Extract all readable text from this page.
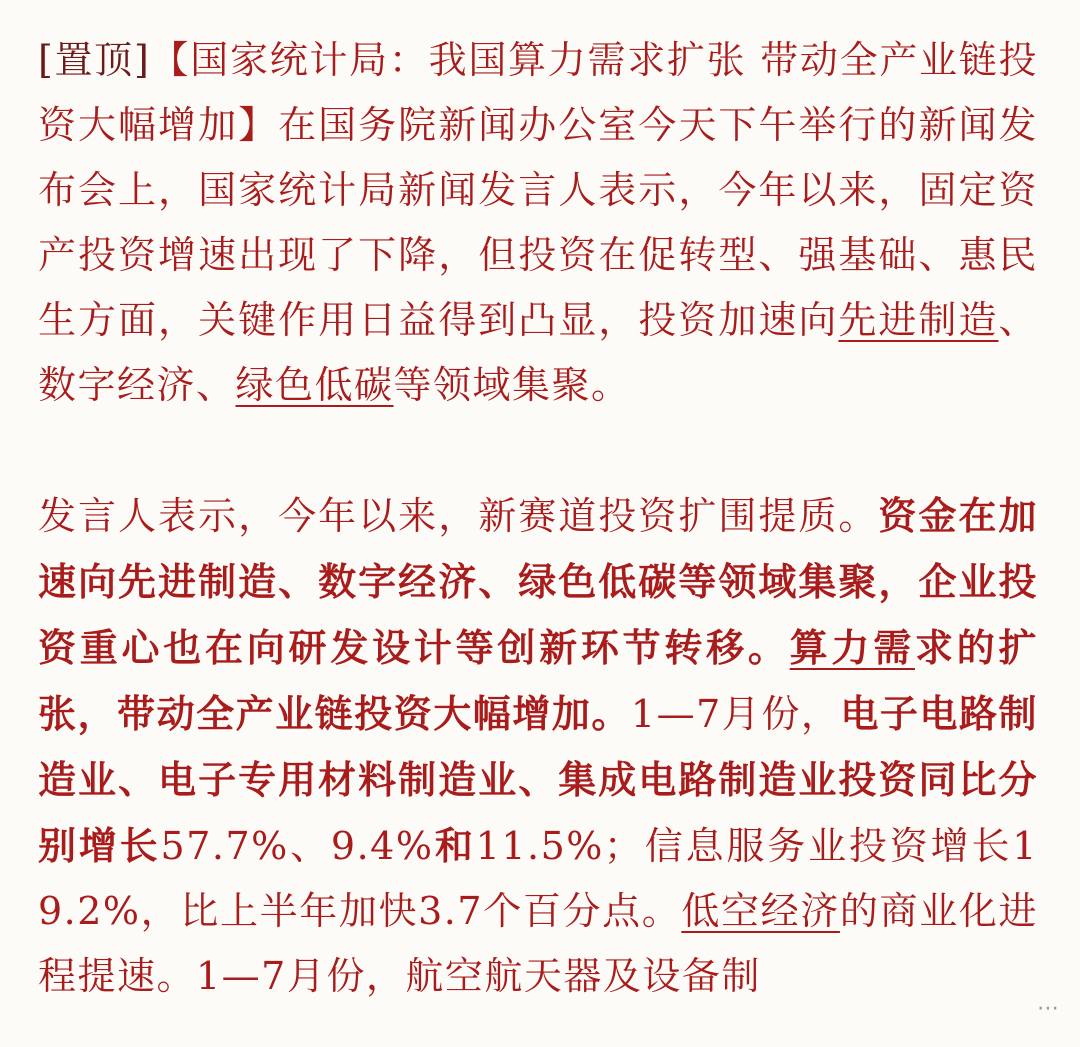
[置顶]【国家统计局：我国算力需求扩张 带动全产业链投资大幅增加】在国务院新闻办公室今天下午举行的新闻发布会上，国家统计局新闻发言人表示，今年以来，固定资产投资增速出现了下降，但投资在促转型、强基础、惠民生方面，关键作用日益得到凸显，投资加速向先进制造、数字经济、绿色低碳等领域集聚。

发言人表示，今年以来，新赛道投资扩围提质。资金在加速向先进制造、数字经济、绿色低碳等领域集聚，企业投资重心也在向研发设计等创新环节转移。算力需求的扩张，带动全产业链投资大幅增加。1—7月份，电子电路制造业、电子专用材料制造业、集成电路制造业投资同比分别增长57.7%、9.4%和11.5%；信息服务业投资增长19.2%，比上半年加快3.7个百分点。低空经济的商业化进程提速。1—7月份，航空航天器及设备制

⋯
